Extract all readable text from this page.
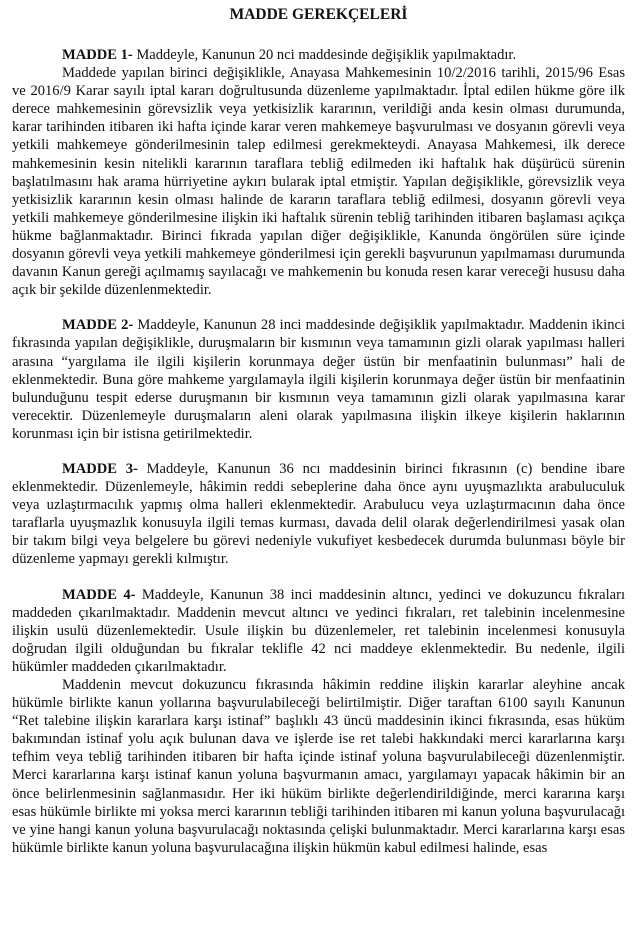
MADDE GEREKÇELERİ

MADDE 1- Maddeyle, Kanunun 20 nci maddesinde değişiklik yapılmaktadır.

Maddede yapılan birinci değişiklikle, Anayasa Mahkemesinin 10/2/2016 tarihli, 2015/96 Esas ve 2016/9 Karar sayılı iptal kararı doğrultusunda düzenleme yapılmaktadır. İptal edilen hükme göre ilk derece mahkemesinin görevsizlik veya yetkisizlik kararının, verildiği anda kesin olması durumunda, karar tarihinden itibaren iki hafta içinde karar veren mahkemeye başvurulması ve dosyanın görevli veya yetkili mahkemeye gönderilmesinin talep edilmesi gerekmekteydi. Anayasa Mahkemesi, ilk derece mahkemesinin kesin nitelikli kararının taraflara tebliğ edilmeden iki haftalık hak düşürücü sürenin başlatılmasını hak arama hürriyetine aykırı bularak iptal etmiştir. Yapılan değişiklikle, görevsizlik veya yetkisizlik kararının kesin olması halinde de kararın taraflara tebliğ edilmesi, dosyanın görevli veya yetkili mahkemeye gönderilmesine ilişkin iki haftalık sürenin tebliğ tarihinden itibaren başlaması açıkça hükme bağlanmaktadır. Birinci fıkrada yapılan diğer değişiklikle, Kanunda öngörülen süre içinde dosyanın görevli veya yetkili mahkemeye gönderilmesi için gerekli başvurunun yapılmaması durumunda davanın Kanun gereği açılmamış sayılacağı ve mahkemenin bu konuda resen karar vereceği hususu daha açık bir şekilde düzenlenmektedir.

MADDE 2- Maddeyle, Kanunun 28 inci maddesinde değişiklik yapılmaktadır. Maddenin ikinci fıkrasında yapılan değişiklikle, duruşmaların bir kısmının veya tamamının gizli olarak yapılması halleri arasına “yargılama ile ilgili kişilerin korunmaya değer üstün bir menfaatinin bulunması” hali de eklenmektedir. Buna göre mahkeme yargılamayla ilgili kişilerin korunmaya değer üstün bir menfaatinin bulunduğunu tespit ederse duruşmanın bir kısmının veya tamamının gizli olarak yapılmasına karar verecektir. Düzenlemeyle duruşmaların aleni olarak yapılmasına ilişkin ilkeye kişilerin haklarının korunması için bir istisna getirilmektedir.

MADDE 3- Maddeyle, Kanunun 36 ncı maddesinin birinci fıkrasının (c) bendine ibare eklenmektedir. Düzenlemeyle, hâkimin reddi sebeplerine daha önce aynı uyuşmazlıkta arabuluculuk veya uzlaştırmacılık yapmış olma halleri eklenmektedir. Arabulucu veya uzlaştırmacının daha önce taraflarla uyuşmazlık konusuyla ilgili temas kurması, davada delil olarak değerlendirilmesi yasak olan bir takım bilgi veya belgelere bu görevi nedeniyle vukufiyet kesbedecek durumda bulunması böyle bir düzenleme yapmayı gerekli kılmıştır.

MADDE 4- Maddeyle, Kanunun 38 inci maddesinin altıncı, yedinci ve dokuzuncu fıkraları maddeden çıkarılmaktadır. Maddenin mevcut altıncı ve yedinci fıkraları, ret talebinin incelenmesine ilişkin usulü düzenlemektedir. Usule ilişkin bu düzenlemeler, ret talebinin incelenmesi konusuyla doğrudan ilgili olduğundan bu fıkralar teklifle 42 nci maddeye eklenmektedir. Bu nedenle, ilgili hükümler maddeden çıkarılmaktadır.

Maddenin mevcut dokuzuncu fıkrasında hâkimin reddine ilişkin kararlar aleyhine ancak hükümle birlikte kanun yollarına başvurulabileceği belirtilmiştir. Diğer taraftan 6100 sayılı Kanunun “Ret talebine ilişkin kararlara karşı istinaf” başlıklı 43 üncü maddesinin ikinci fıkrasında, esas hüküm bakımından istinaf yolu açık bulunan dava ve işlerde ise ret talebi hakkındaki merci kararlarına karşı tefhim veya tebliğ tarihinden itibaren bir hafta içinde istinaf yoluna başvurulabileceği düzenlenmiştir. Merci kararlarına karşı istinaf kanun yoluna başvurmanın amacı, yargılamayı yapacak hâkimin bir an önce belirlenmesinin sağlanmasıdır. Her iki hüküm birlikte değerlendirildiğinde, merci kararına karşı esas hükümle birlikte mi yoksa merci kararının tebliği tarihinden itibaren mi kanun yoluna başvurulacağı ve yine hangi kanun yoluna başvurulacağı noktasında çelişki bulunmaktadır. Merci kararlarına karşı esas hükümle birlikte kanun yoluna başvurulacağına ilişkin hükmün kabul edilmesi halinde, esas
